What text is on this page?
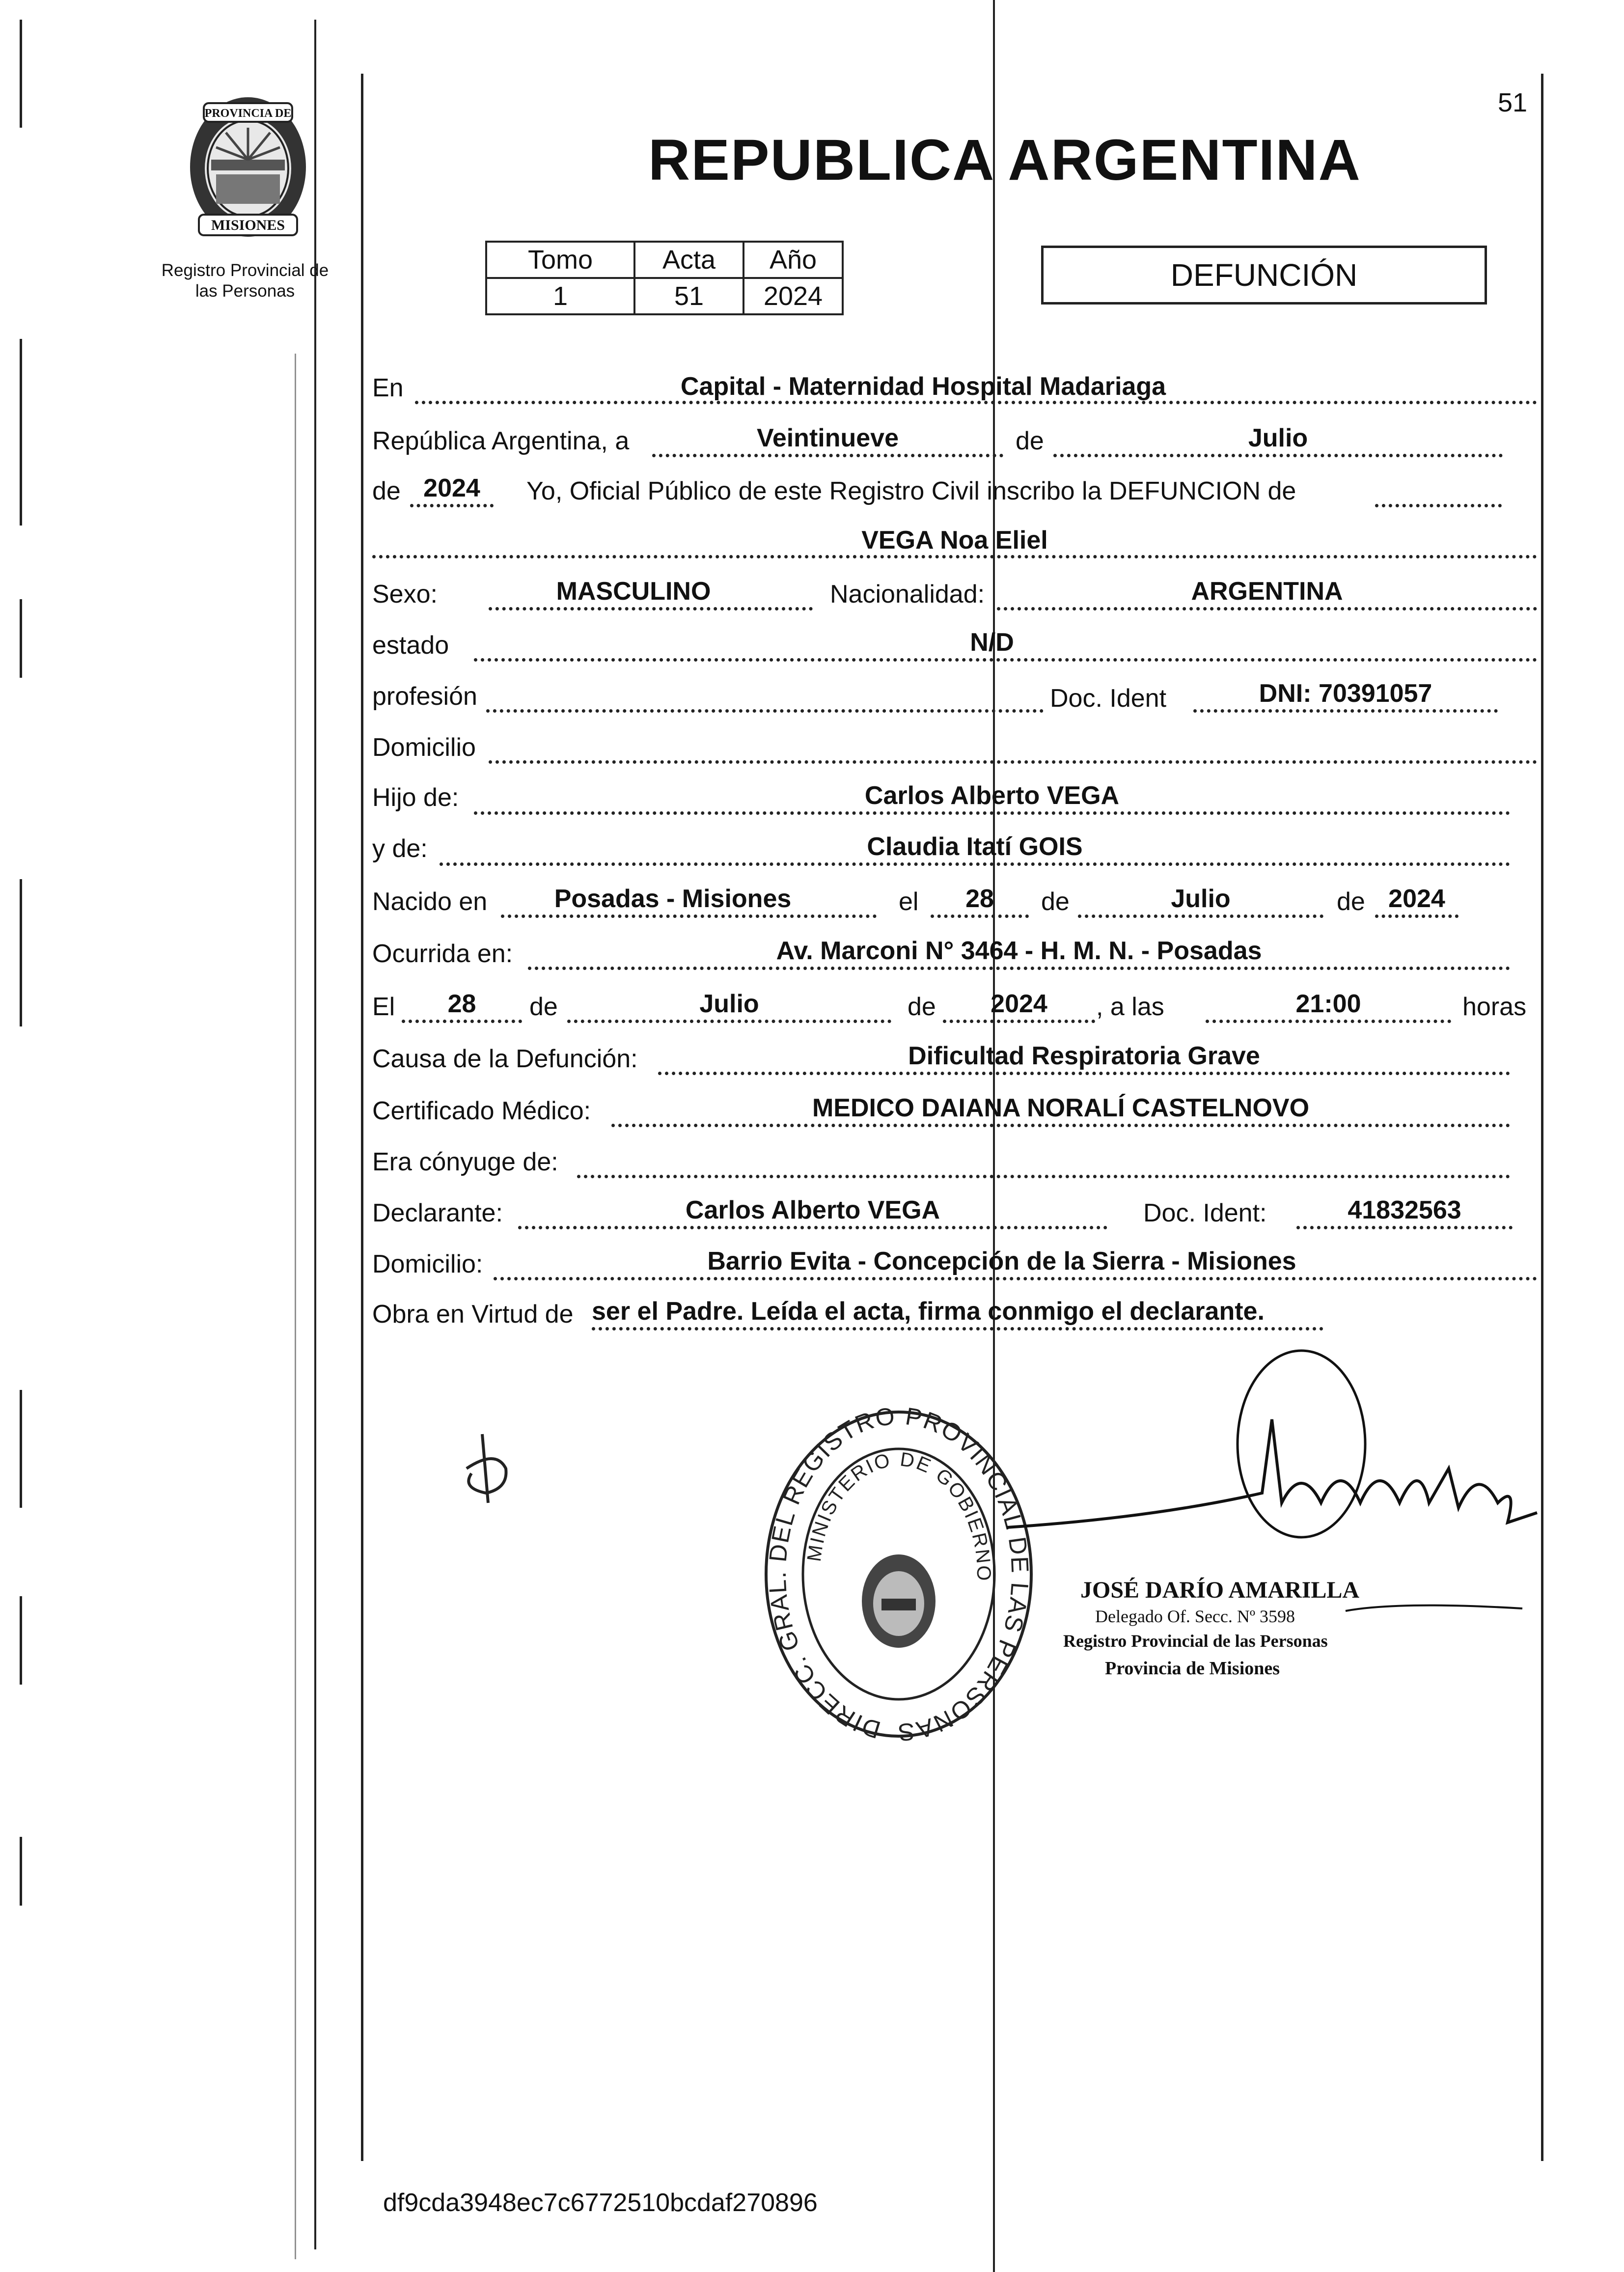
51
PROVINCIA DE
MISIONES
Registro Provincial de
las Personas
REPUBLICA ARGENTINA
Tomo	Acta	Año
1	51	2024
DEFUNCIÓN
En	Capital - Maternidad Hospital Madariaga
República Argentina, a	Veintinueve	de	Julio
de 2024	Yo, Oficial Público de este Registro Civil inscribo la DEFUNCION de
VEGA Noa Eliel
Sexo:	MASCULINO	Nacionalidad:	ARGENTINA
estado	N/D
profesión	Doc. Ident	DNI: 70391057
Domicilio
Hijo de:	Carlos Alberto VEGA
y de:	Claudia Itatí GOIS
Nacido en	Posadas - Misiones	el	28	de	Julio	de 2024
Ocurrida en:	Av. Marconi N° 3464 - H. M. N. - Posadas
El	28	de	Julio	de	2024	, a las	21:00	horas
Causa de la Defunción:	Dificultad Respiratoria Grave
Certificado Médico:	MEDICO DAIANA NORALÍ CASTELNOVO
Era cónyuge de:
Declarante:	Carlos Alberto VEGA	Doc. Ident:	41832563
Domicilio:	Barrio Evita - Concepción de la Sierra - Misiones
Obra en Virtud de ser el Padre. Leída el acta, firma conmigo el declarante.
DIRECC. GRAL. DEL REGISTRO PROVINCIAL DE LAS PERSONAS
MINISTERIO DE GOBIERNO
JOSÉ DARÍO AMARILLA
Delegado Of. Secc. Nº 3598
Registro Provincial de las Personas
Provincia de Misiones
df9cda3948ec7c6772510bcdaf270896
